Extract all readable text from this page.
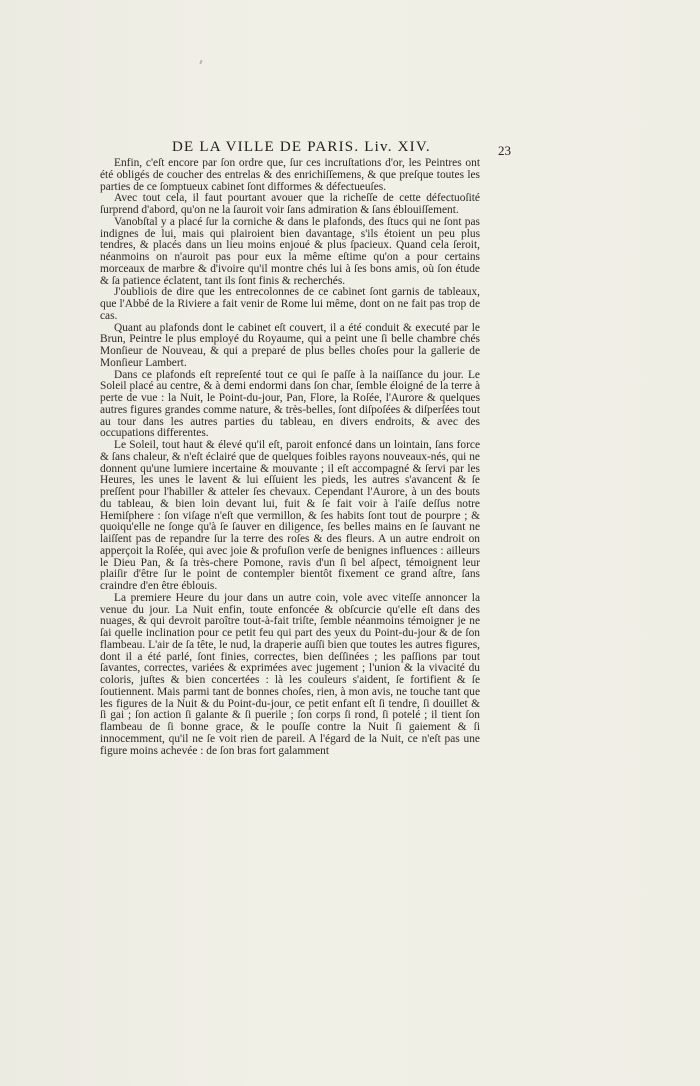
DE LA VILLE DE PARIS. Liv. XIV.	23

Enfin, c'eſt encore par ſon ordre que, ſur ces incruſtations d'or, les Peintres ont été obligés de coucher des entrelas & des enrichiſſemens, & que preſque toutes les parties de ce ſomptueux cabinet ſont difformes & défectueuſes.

Avec tout cela, il faut pourtant avouer que la richeſſe de cette défectuoſité ſurprend d'abord, qu'on ne la ſauroit voir ſans admiration & ſans éblouiſſement.

Vanobſtal y a placé ſur la corniche & dans le plafonds, des ſtucs qui ne ſont pas indignes de lui, mais qui plairoient bien davantage, s'ils étoient un peu plus tendres, & placés dans un lieu moins enjoué & plus ſpacieux. Quand cela ſeroit, néanmoins on n'auroit pas pour eux la même eſtime qu'on a pour certains morceaux de marbre & d'ivoire qu'il montre chés lui à ſes bons amis, où ſon étude & ſa patience éclatent, tant ils ſont finis & recherchés.

J'oubliois de dire que les entrecolonnes de ce cabinet ſont garnis de tableaux, que l'Abbé de la Riviere a fait venir de Rome lui même, dont on ne fait pas trop de cas.

Quant au plafonds dont le cabinet eſt couvert, il a été conduit & executé par le Brun, Peintre le plus employé du Royaume, qui a peint une ſi belle chambre chés Monſieur de Nouveau, & qui a preparé de plus belles choſes pour la gallerie de Monſieur Lambert.

Dans ce plafonds eſt repreſenté tout ce qui ſe paſſe à la naiſſance du jour. Le Soleil placé au centre, & à demi endormi dans ſon char, ſemble éloigné de la terre à perte de vue : la Nuit, le Point-du-jour, Pan, Flore, la Roſée, l'Aurore & quelques autres figures grandes comme nature, & très-belles, ſont diſpoſées & diſperſées tout au tour dans les autres parties du tableau, en divers endroits, & avec des occupations differentes.

Le Soleil, tout haut & élevé qu'il eſt, paroit enfoncé dans un lointain, ſans force & ſans chaleur, & n'eſt éclairé que de quelques foibles rayons nouveaux-nés, qui ne donnent qu'une lumiere incertaine & mouvante ; il eſt accompagné & ſervi par les Heures, les unes le lavent & lui eſſuient les pieds, les autres s'avancent & ſe preſſent pour l'habiller & atteler ſes chevaux. Cependant l'Aurore, à un des bouts du tableau, & bien loin devant lui, fuit & ſe fait voir à l'aiſe deſſus notre Hemiſphere : ſon viſage n'eſt que vermillon, & ſes habits ſont tout de pourpre ; & quoiqu'elle ne ſonge qu'à ſe ſauver en diligence, ſes belles mains en ſe ſauvant ne laiſſent pas de repandre ſur la terre des roſes & des fleurs. A un autre endroit on apperçoit la Roſée, qui avec joie & profuſion verſe de benignes influences : ailleurs le Dieu Pan, & ſa très-chere Pomone, ravis d'un ſi bel aſpect, témoignent leur plaiſir d'être ſur le point de contempler bientôt fixement ce grand aſtre, ſans craindre d'en être éblouis.

La premiere Heure du jour dans un autre coin, vole avec viteſſe annoncer la venue du jour. La Nuit enfin, toute enfoncée & obſcurcie qu'elle eſt dans des nuages, & qui devroit paroître tout-à-fait triſte, ſemble néanmoins témoigner je ne ſai quelle inclination pour ce petit feu qui part des yeux du Point-du-jour & de ſon flambeau. L'air de ſa tête, le nud, la draperie auſſi bien que toutes les autres figures, dont il a été parlé, ſont finies, correctes, bien deſſinées ; les paſſions par tout ſavantes, correctes, variées & exprimées avec jugement ; l'union & la vivacité du coloris, juſtes & bien concertées : là les couleurs s'aident, ſe fortifient & ſe ſoutiennent. Mais parmi tant de bonnes choſes, rien, à mon avis, ne touche tant que les figures de la Nuit & du Point-du-jour, ce petit enfant eſt ſi tendre, ſi douillet & ſi gai ; ſon action ſi galante & ſi puerile ; ſon corps ſi rond, ſi potelé ; il tient ſon flambeau de ſi bonne grace, & le pouſſe contre la Nuit ſi gaiement & ſi innocemment, qu'il ne ſe voit rien de pareil. A l'égard de la Nuit, ce n'eſt pas une figure moins achevée : de ſon bras fort galamment
